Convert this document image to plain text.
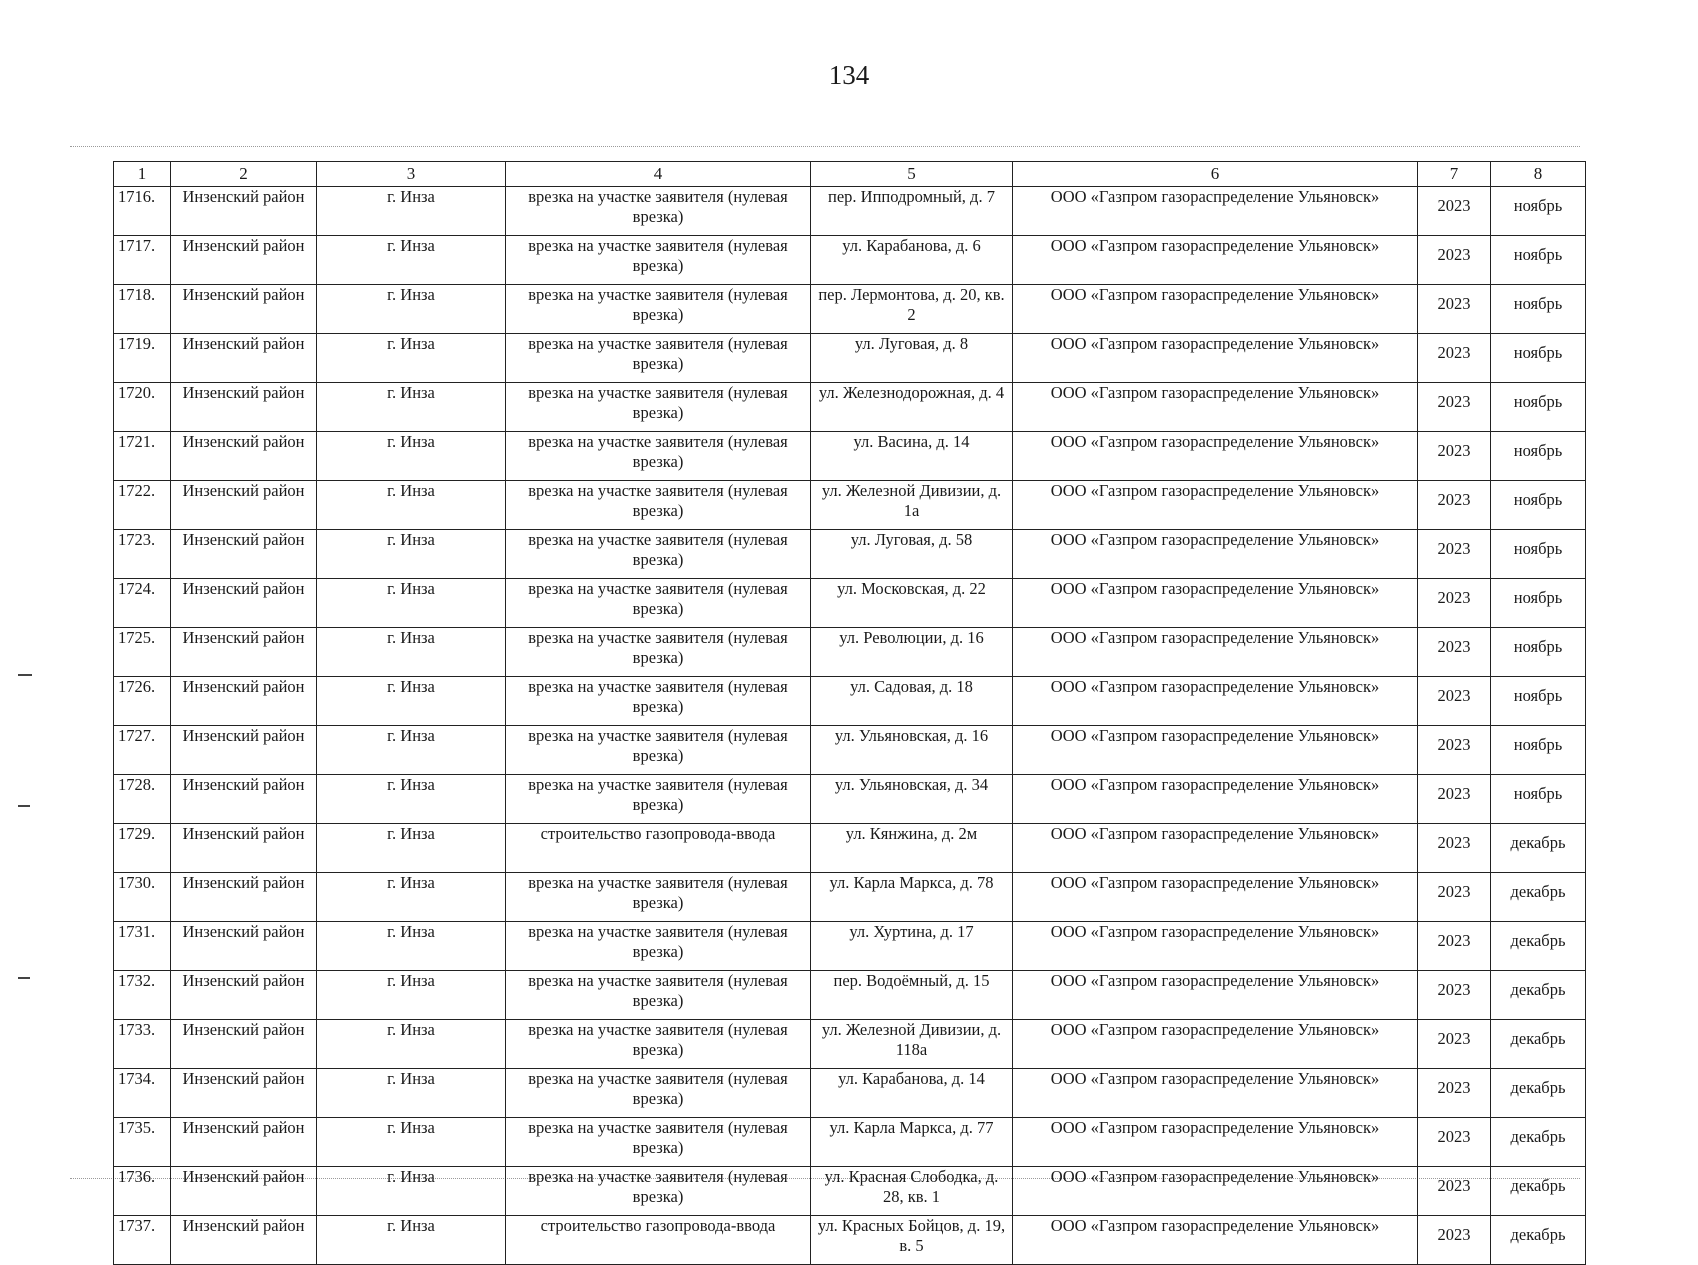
134
1	2	3	4	5	6	7	8
1716.	Инзенский район	г. Инза	врезка на участке заявителя (нулевая врезка)	пер. Ипподромный, д. 7	ООО «Газпром газораспределение Ульяновск»	2023	ноябрь
1717.	Инзенский район	г. Инза	врезка на участке заявителя (нулевая врезка)	ул. Карабанова, д. 6	ООО «Газпром газораспределение Ульяновск»	2023	ноябрь
1718.	Инзенский район	г. Инза	врезка на участке заявителя (нулевая врезка)	пер. Лермонтова, д. 20, кв. 2	ООО «Газпром газораспределение Ульяновск»	2023	ноябрь
1719.	Инзенский район	г. Инза	врезка на участке заявителя (нулевая врезка)	ул. Луговая, д. 8	ООО «Газпром газораспределение Ульяновск»	2023	ноябрь
1720.	Инзенский район	г. Инза	врезка на участке заявителя (нулевая врезка)	ул. Железнодорожная, д. 4	ООО «Газпром газораспределение Ульяновск»	2023	ноябрь
1721.	Инзенский район	г. Инза	врезка на участке заявителя (нулевая врезка)	ул. Васина, д. 14	ООО «Газпром газораспределение Ульяновск»	2023	ноябрь
1722.	Инзенский район	г. Инза	врезка на участке заявителя (нулевая врезка)	ул. Железной Дивизии, д. 1а	ООО «Газпром газораспределение Ульяновск»	2023	ноябрь
1723.	Инзенский район	г. Инза	врезка на участке заявителя (нулевая врезка)	ул. Луговая, д. 58	ООО «Газпром газораспределение Ульяновск»	2023	ноябрь
1724.	Инзенский район	г. Инза	врезка на участке заявителя (нулевая врезка)	ул. Московская, д. 22	ООО «Газпром газораспределение Ульяновск»	2023	ноябрь
1725.	Инзенский район	г. Инза	врезка на участке заявителя (нулевая врезка)	ул. Революции, д. 16	ООО «Газпром газораспределение Ульяновск»	2023	ноябрь
1726.	Инзенский район	г. Инза	врезка на участке заявителя (нулевая врезка)	ул. Садовая, д. 18	ООО «Газпром газораспределение Ульяновск»	2023	ноябрь
1727.	Инзенский район	г. Инза	врезка на участке заявителя (нулевая врезка)	ул. Ульяновская, д. 16	ООО «Газпром газораспределение Ульяновск»	2023	ноябрь
1728.	Инзенский район	г. Инза	врезка на участке заявителя (нулевая врезка)	ул. Ульяновская, д. 34	ООО «Газпром газораспределение Ульяновск»	2023	ноябрь
1729.	Инзенский район	г. Инза	строительство газопровода-ввода	ул. Кянжина, д. 2м	ООО «Газпром газораспределение Ульяновск»	2023	декабрь
1730.	Инзенский район	г. Инза	врезка на участке заявителя (нулевая врезка)	ул. Карла Маркса, д. 78	ООО «Газпром газораспределение Ульяновск»	2023	декабрь
1731.	Инзенский район	г. Инза	врезка на участке заявителя (нулевая врезка)	ул. Хуртина, д. 17	ООО «Газпром газораспределение Ульяновск»	2023	декабрь
1732.	Инзенский район	г. Инза	врезка на участке заявителя (нулевая врезка)	пер. Водоёмный, д. 15	ООО «Газпром газораспределение Ульяновск»	2023	декабрь
1733.	Инзенский район	г. Инза	врезка на участке заявителя (нулевая врезка)	ул. Железной Дивизии, д. 118а	ООО «Газпром газораспределение Ульяновск»	2023	декабрь
1734.	Инзенский район	г. Инза	врезка на участке заявителя (нулевая врезка)	ул. Карабанова, д. 14	ООО «Газпром газораспределение Ульяновск»	2023	декабрь
1735.	Инзенский район	г. Инза	врезка на участке заявителя (нулевая врезка)	ул. Карла Маркса, д. 77	ООО «Газпром газораспределение Ульяновск»	2023	декабрь
1736.	Инзенский район	г. Инза	врезка на участке заявителя (нулевая врезка)	ул. Красная Слободка, д. 28, кв. 1	ООО «Газпром газораспределение Ульяновск»	2023	декабрь
1737.	Инзенский район	г. Инза	строительство газопровода-ввода	ул. Красных Бойцов, д. 19, в. 5	ООО «Газпром газораспределение Ульяновск»	2023	декабрь
